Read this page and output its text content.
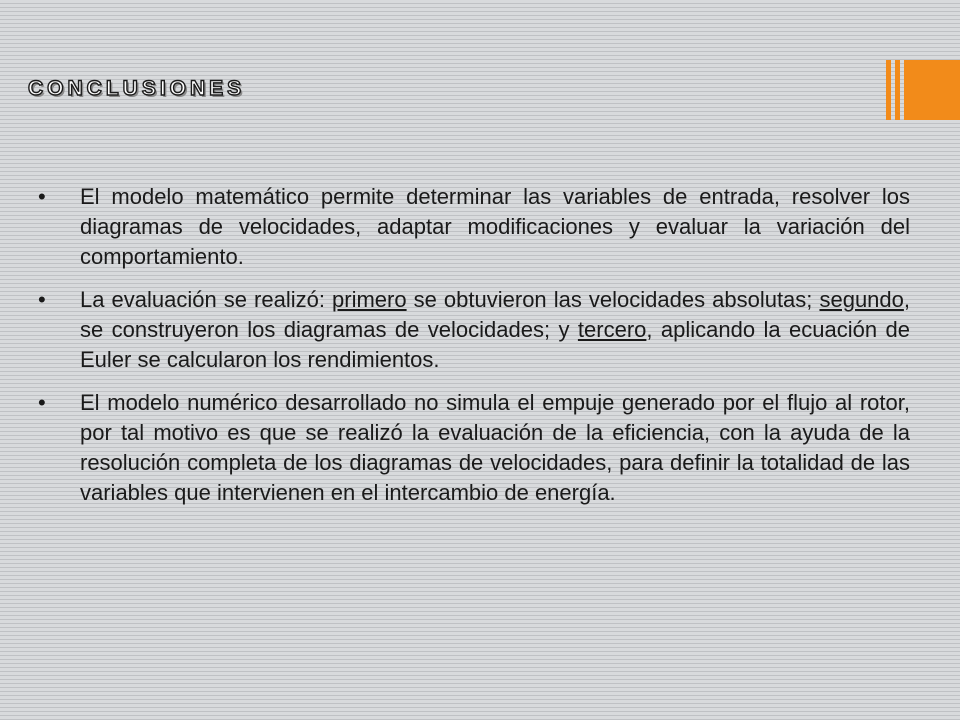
CONCLUSIONES
• El modelo matemático permite determinar las variables de entrada, resolver los diagramas de velocidades, adaptar modificaciones y evaluar la variación del comportamiento.
• La evaluación se realizó: primero se obtuvieron las velocidades absolutas; segundo, se construyeron los diagramas de velocidades; y tercero, aplicando la ecuación de Euler se calcularon los rendimientos.
• El modelo numérico desarrollado no simula el empuje generado por el flujo al rotor, por tal motivo es que se realizó la evaluación de la eficiencia, con la ayuda de la resolución completa de los diagramas de velocidades, para definir la totalidad de las variables que intervienen en el intercambio de energía.
